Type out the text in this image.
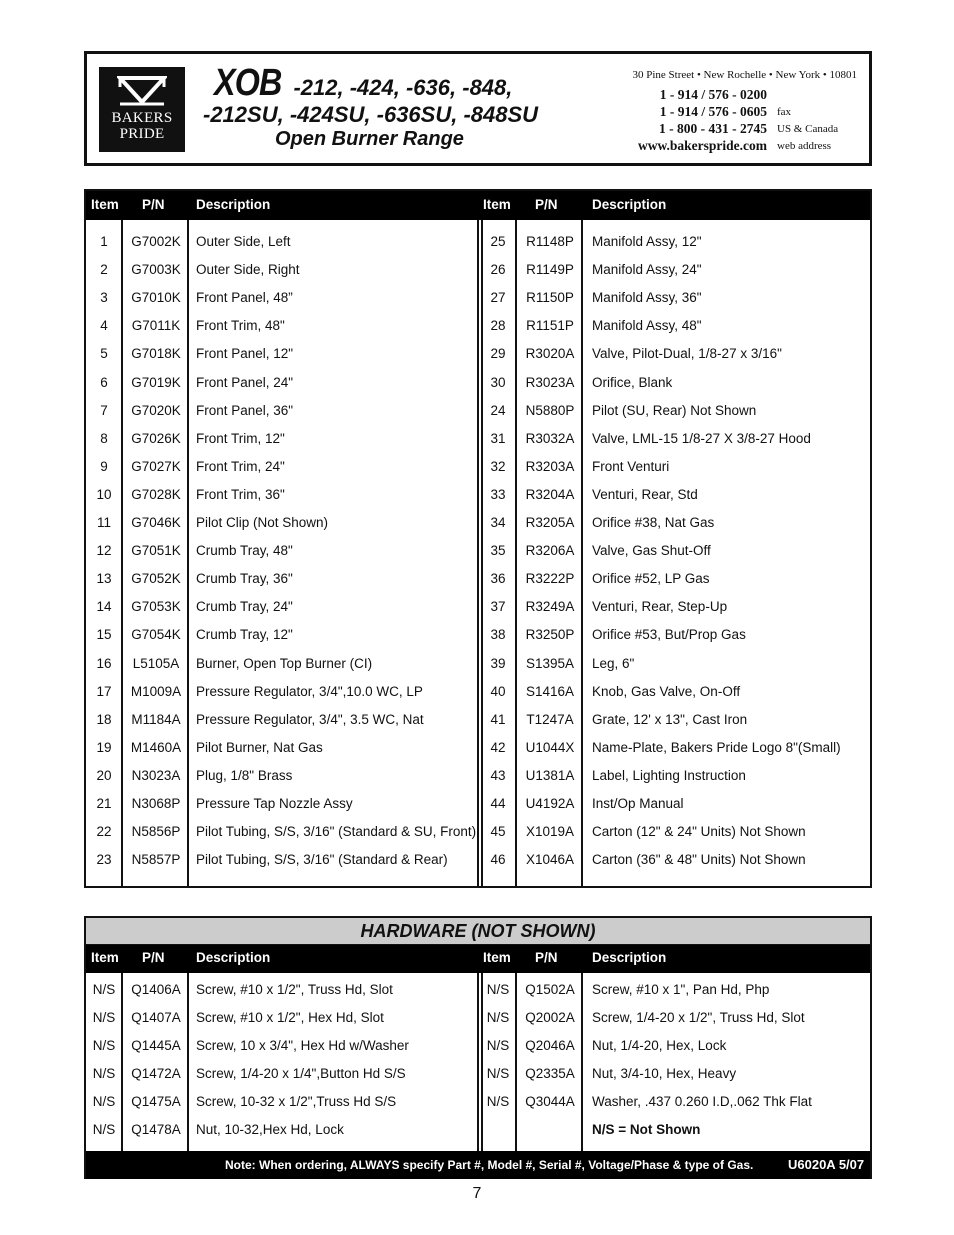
BAKERS
PRIDE
XOB -212, -424, -636, -848,
-212SU, -424SU, -636SU, -848SU
Open Burner Range
30 Pine Street • New Rochelle • New York • 10801
1 - 914 / 576 - 0200
1 - 914 / 576 - 0605 fax
1 - 800 - 431 - 2745 US & Canada
www.bakerspride.com web address
Item P/N Description	Item P/N	Description
1	G7002K	Outer Side, Left
2	G7003K	Outer Side, Right
3	G7010K	Front Panel, 48”
4	G7011K	Front Trim, 48"
5	G7018K	Front Panel, 12"
6	G7019K	Front Panel, 24"
7	G7020K	Front Panel, 36"
8	G7026K	Front Trim, 12"
9	G7027K	Front Trim, 24"
10	G7028K	Front Trim, 36"
11	G7046K	Pilot Clip (Not Shown)
12	G7051K	Crumb Tray, 48"
13	G7052K	Crumb Tray, 36"
14	G7053K	Crumb Tray, 24"
15	G7054K	Crumb Tray, 12"
16	L5105A	Burner, Open Top Burner (CI)
17	M1009A	Pressure Regulator, 3/4",10.0 WC, LP
18	M1184A	Pressure Regulator, 3/4", 3.5 WC, Nat
19	M1460A	Pilot Burner, Nat Gas
20	N3023A	Plug, 1/8" Brass
21	N3068P	Pressure Tap Nozzle Assy
22	N5856P	Pilot Tubing, S/S, 3/16" (Standard & SU, Front)
23	N5857P	Pilot Tubing, S/S, 3/16" (Standard & Rear)
25	R1148P	Manifold Assy, 12"
26	R1149P	Manifold Assy, 24"
27	R1150P	Manifold Assy, 36"
28	R1151P	Manifold Assy, 48"
29	R3020A	Valve, Pilot-Dual, 1/8-27 x 3/16"
30	R3023A	Orifice, Blank
24	N5880P	Pilot (SU, Rear) Not Shown
31	R3032A	Valve, LML-15 1/8-27 X 3/8-27 Hood
32	R3203A	Front Venturi
33	R3204A	Venturi, Rear, Std
34	R3205A	Orifice #38, Nat Gas
35	R3206A	Valve, Gas Shut-Off
36	R3222P	Orifice #52, LP Gas
37	R3249A	Venturi, Rear, Step-Up
38	R3250P	Orifice #53, But/Prop Gas
39	S1395A	Leg, 6"
40	S1416A	Knob, Gas Valve, On-Off
41	T1247A	Grate, 12' x 13", Cast Iron
42	U1044X	Name-Plate, Bakers Pride Logo 8"(Small)
43	U1381A	Label, Lighting Instruction
44	U4192A	Inst/Op Manual
45	X1019A	Carton (12" & 24" Units) Not Shown
46	X1046A	Carton (36" & 48" Units) Not Shown
HARDWARE (NOT SHOWN)
Item P/N Description	Item P/N	Description
Note: When ordering, ALWAYS specify Part #, Model #, Serial #, Voltage/Phase & type of Gas.	U6020A 5/07
N/S	Q1406A	Screw, #10 x 1/2", Truss Hd, Slot
N/S	Q1407A	Screw, #10 x 1/2", Hex Hd, Slot
N/S	Q1445A	Screw, 10 x 3/4", Hex Hd w/Washer
N/S	Q1472A	Screw, 1/4-20 x 1/4",Button Hd S/S
N/S	Q1475A	Screw, 10-32 x 1/2",Truss Hd S/S
N/S	Q1478A	Nut, 10-32,Hex Hd, Lock
N/S	Q1502A	Screw, #10 x 1", Pan Hd, Php
N/S	Q2002A	Screw, 1/4-20 x 1/2", Truss Hd, Slot
N/S	Q2046A	Nut, 1/4-20, Hex, Lock
N/S	Q2335A	Nut, 3/4-10, Hex, Heavy
N/S	Q3044A	Washer, .437 0.260 I.D,.062 Thk Flat
N/S = Not Shown
7
